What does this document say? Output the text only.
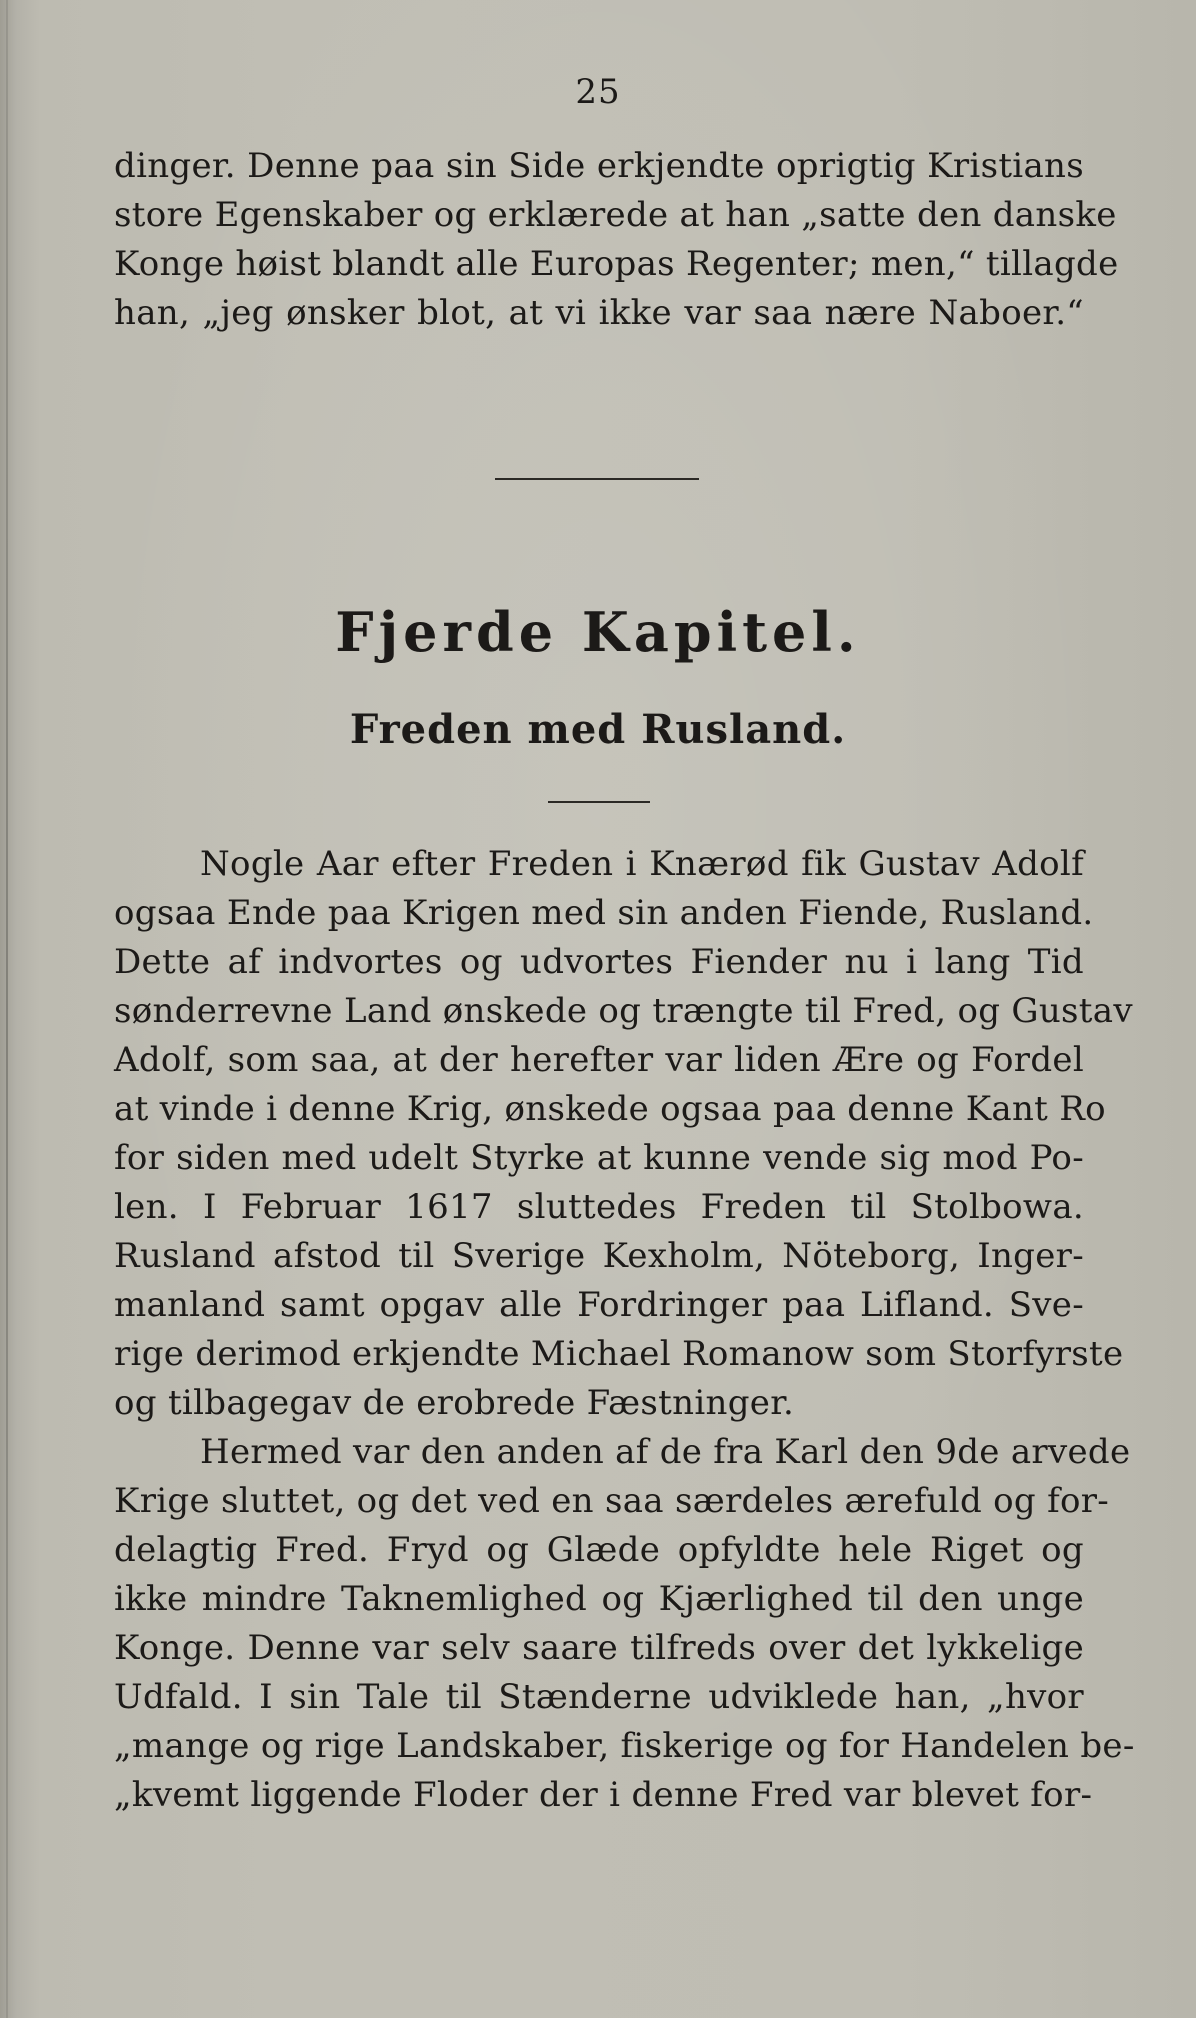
25
dinger. Denne paa sin Side erkjendte oprigtig Kristians
store Egenskaber og erklærede at han „satte den danske
Konge høist blandt alle Europas Regenter; men,“ tillagde
han, „jeg ønsker blot, at vi ikke var saa nære Naboer.“
Fjerde Kapitel.
Freden med Rusland.
Nogle Aar efter Freden i Knærød fik Gustav Adolf
ogsaa Ende paa Krigen med sin anden Fiende, Rusland.
Dette af indvortes og udvortes Fiender nu i lang Tid
sønderrevne Land ønskede og trængte til Fred, og Gustav
Adolf, som saa, at der herefter var liden Ære og Fordel
at vinde i denne Krig, ønskede ogsaa paa denne Kant Ro
for siden med udelt Styrke at kunne vende sig mod Po-
len. I Februar 1617 sluttedes Freden til Stolbowa.
Rusland afstod til Sverige Kexholm, Nöteborg, Inger-
manland samt opgav alle Fordringer paa Lifland. Sve-
rige derimod erkjendte Michael Romanow som Storfyrste
og tilbagegav de erobrede Fæstninger.
Hermed var den anden af de fra Karl den 9de arvede
Krige sluttet, og det ved en saa særdeles ærefuld og for-
delagtig Fred. Fryd og Glæde opfyldte hele Riget og
ikke mindre Taknemlighed og Kjærlighed til den unge
Konge. Denne var selv saare tilfreds over det lykkelige
Udfald. I sin Tale til Stænderne udviklede han, „hvor
„mange og rige Landskaber, fiskerige og for Handelen be-
„kvemt liggende Floder der i denne Fred var blevet for-
